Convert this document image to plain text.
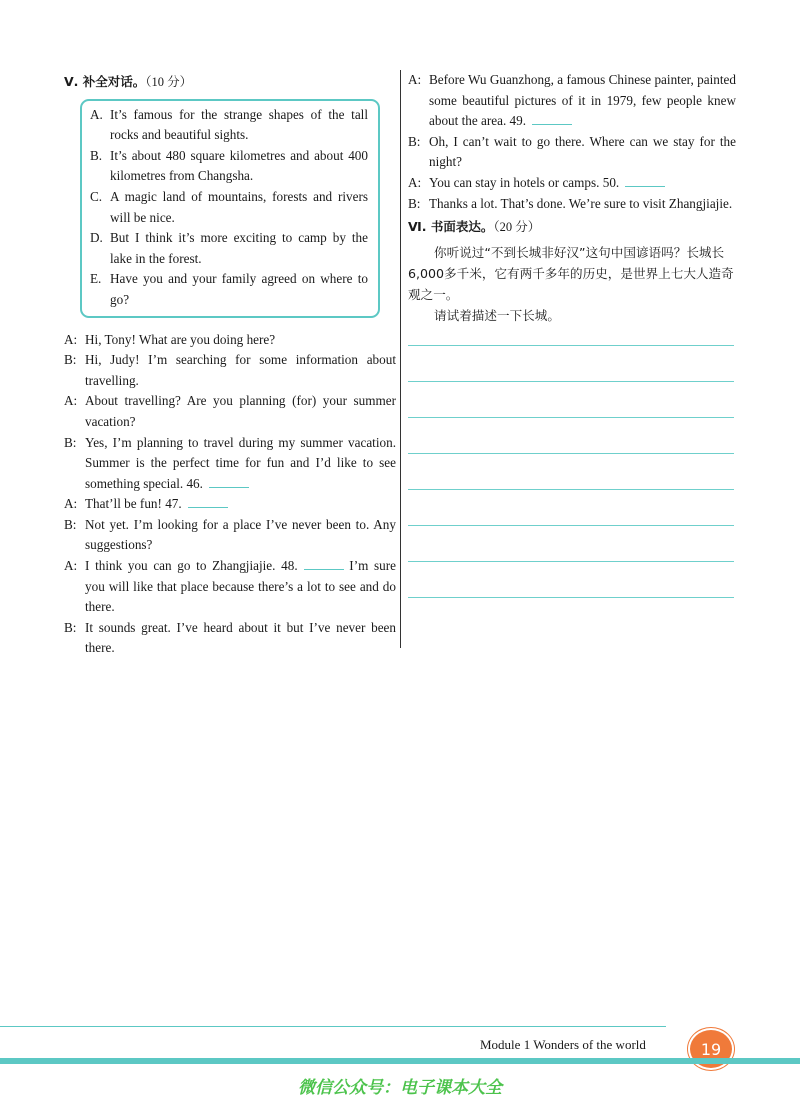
Ⅴ. 补全对话。（10 分）
A. It’s famous for the strange shapes of the tall rocks and beautiful sights.
B. It’s about 480 square kilometres and about 400 kilometres from Changsha.
C. A magic land of mountains, forests and rivers will be nice.
D. But I think it’s more exciting to camp by the lake in the forest.
E. Have you and your family agreed on where to go?
A: Hi, Tony! What are you doing here?
B: Hi, Judy! I’m searching for some information about travelling.
A: About travelling? Are you planning (for) your summer vacation?
B: Yes, I’m planning to travel during my summer vacation. Summer is the perfect time for fun and I’d like to see something special. 46.
A: That’ll be fun! 47.
B: Not yet. I’m looking for a place I’ve never been to. Any suggestions?
A: I think you can go to Zhangjiajie. 48.	I’m sure you will like that place because there’s a lot to see and do there.
B: It sounds great. I’ve heard about it but I’ve never been there.
A: Before Wu Guanzhong, a famous Chinese painter, painted some beautiful pictures of it in 1979, few people knew about the area. 49.
B: Oh, I can’t wait to go there. Where can we stay for the night?
A: You can stay in hotels or camps. 50.
B: Thanks a lot. That’s done. We’re sure to visit Zhangjiajie.
Ⅵ. 书面表达。（20 分）

你听说过“不到长城非好汉”这句中国谚语吗？长城长 6,000多千米，它有两千多年的历史，是世界上七大人造奇观之一。

请试着描述一下长城。

Module 1 Wonders of the world	19
微信公众号：电子课本大全
